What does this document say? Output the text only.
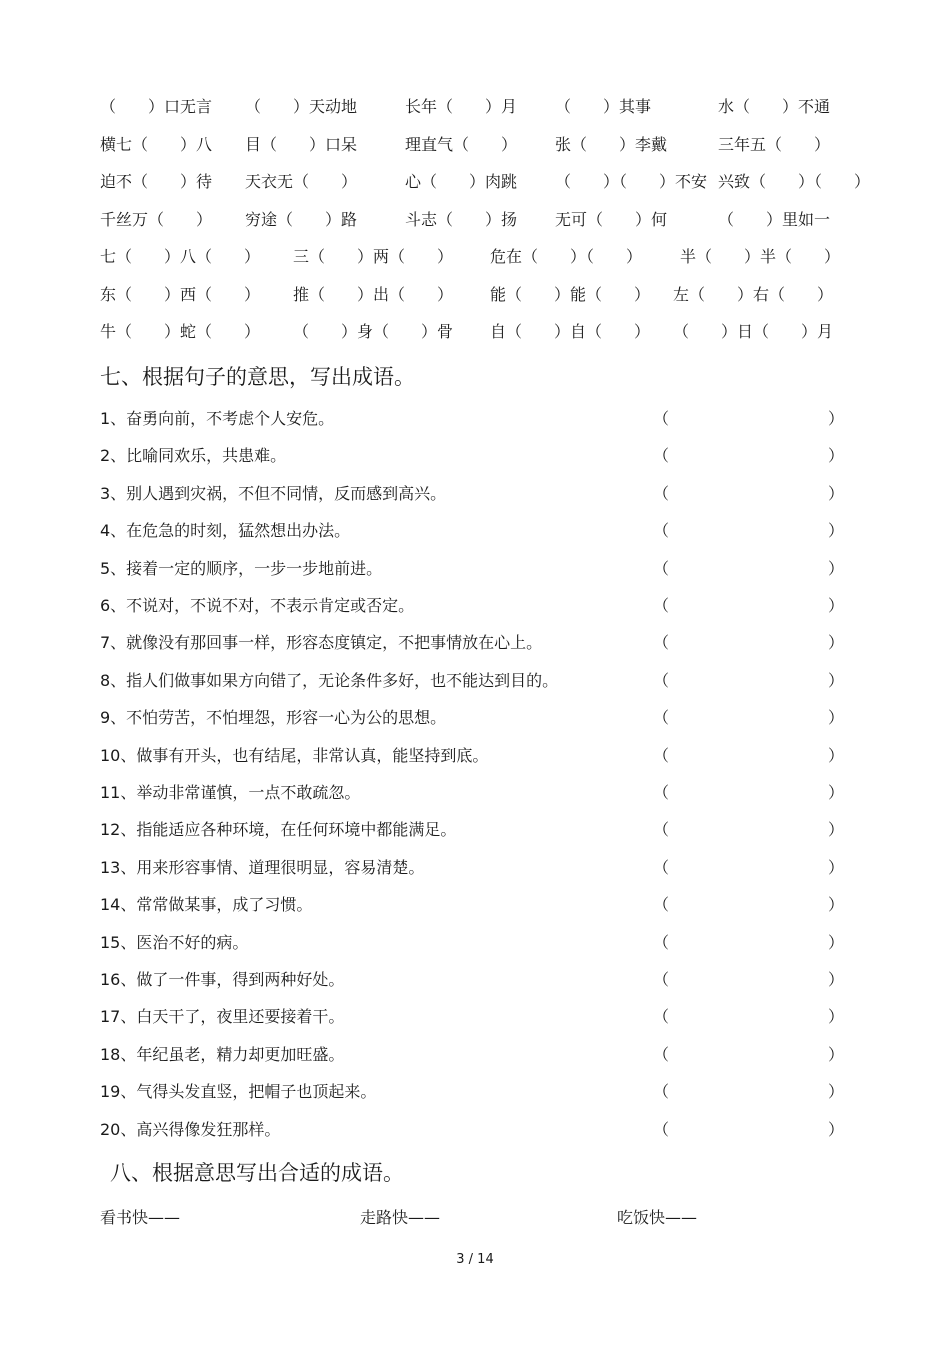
（　　）口无言 （　　）天动地	长年（　　）月 （　　）其事	水（　　）不通
横七（　　）八 目（　　）口呆	理直气（　　） 张（　　）李戴	三年五（　　）
迫不（　　）待 天衣无（　　）	心（　　）肉跳 （　　）（　　）不安 兴致（　　）（　　）
千丝万（　　） 穷途（　　）路	斗志（　　）扬 无可（　　）何	（　　）里如一
七（　　）八（　　） 三（　　）两（　　） 危在（　　）（　　） 半（　　）半（　　）
东（　　）西（　　） 推（　　）出（　　） 能（　　）能（　　） 左（　　）右（　　）
牛（　　）蛇（　　） （　　）身（　　）骨 自（　　）自（　　） （　　）日（　　）月
七、根据句子的意思，写出成语。
1、奋勇向前，不考虑个人安危。	（	）
2、比喻同欢乐，共患难。	（	）
3、别人遇到灾祸，不但不同情，反而感到高兴。	（	）
4、在危急的时刻，猛然想出办法。	（	）
5、接着一定的顺序，一步一步地前进。	（	）
6、不说对，不说不对，不表示肯定或否定。	（	）
7、就像没有那回事一样，形容态度镇定，不把事情放在心上。	（	）
8、指人们做事如果方向错了，无论条件多好，也不能达到目的。	（	）
9、不怕劳苦，不怕埋怨，形容一心为公的思想。	（	）
10、做事有开头，也有结尾，非常认真，能坚持到底。	（	）
11、举动非常谨慎，一点不敢疏忽。	（	）
12、指能适应各种环境，在任何环境中都能满足。	（	）
13、用来形容事情、道理很明显，容易清楚。	（	）
14、常常做某事，成了习惯。	（	）
15、医治不好的病。	（	）
16、做了一件事，得到两种好处。	（	）
17、白天干了，夜里还要接着干。	（	）
18、年纪虽老，精力却更加旺盛。	（	）
19、气得头发直竖，把帽子也顶起来。	（	）
20、高兴得像发狂那样。	（	）
八、根据意思写出合适的成语。
看书快——	走路快——	吃饭快——
3 / 14
